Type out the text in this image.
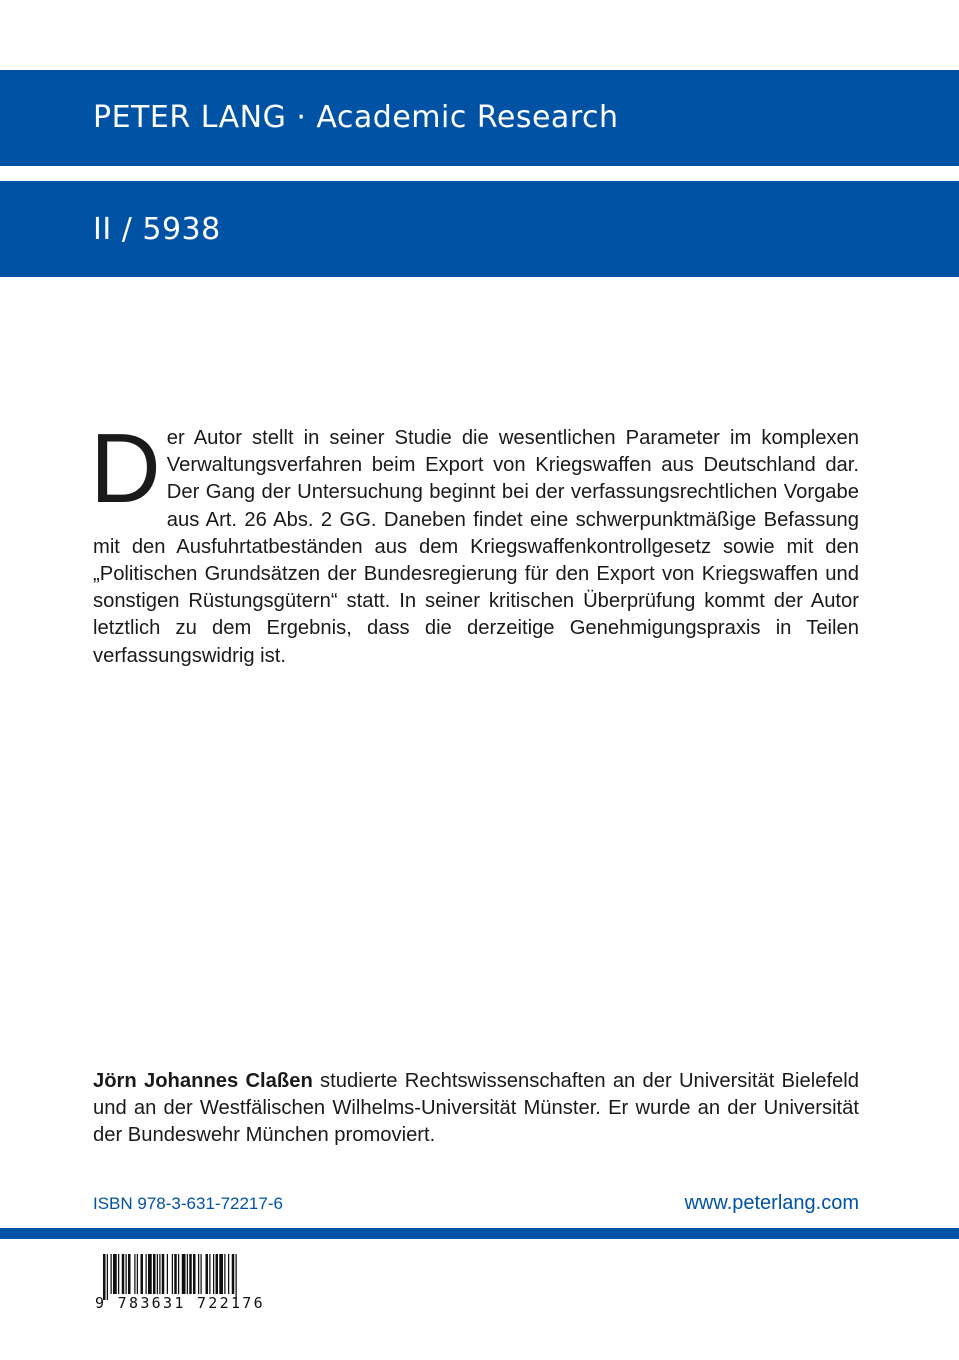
PETER LANG · Academic Research
II / 5938

Der Autor stellt in seiner Studie die wesentlichen Parameter im komplexen Verwaltungsverfahren beim Export von Kriegswaffen aus Deutschland dar. Der Gang der Untersuchung beginnt bei der verfassungsrechtlichen Vorgabe aus Art. 26 Abs. 2 GG. Daneben findet eine schwerpunktmäßige Befassung mit den Ausfuhrtatbeständen aus dem Kriegswaffenkontrollgesetz sowie mit den „Politischen Grundsätzen der Bundesregierung für den Export von Kriegswaffen und sonstigen Rüstungsgütern“ statt. In seiner kritischen Überprüfung kommt der Autor letztlich zu dem Ergebnis, dass die derzeitige Genehmigungspraxis in Teilen verfassungswidrig ist.

Jörn Johannes Claßen studierte Rechtswissenschaften an der Universität Bielefeld und an der Westfälischen Wilhelms-Universität Münster. Er wurde an der Universität der Bundeswehr München promoviert.

ISBN 978-3-631-72217-6	www.peterlang.com
9 783631 722176
